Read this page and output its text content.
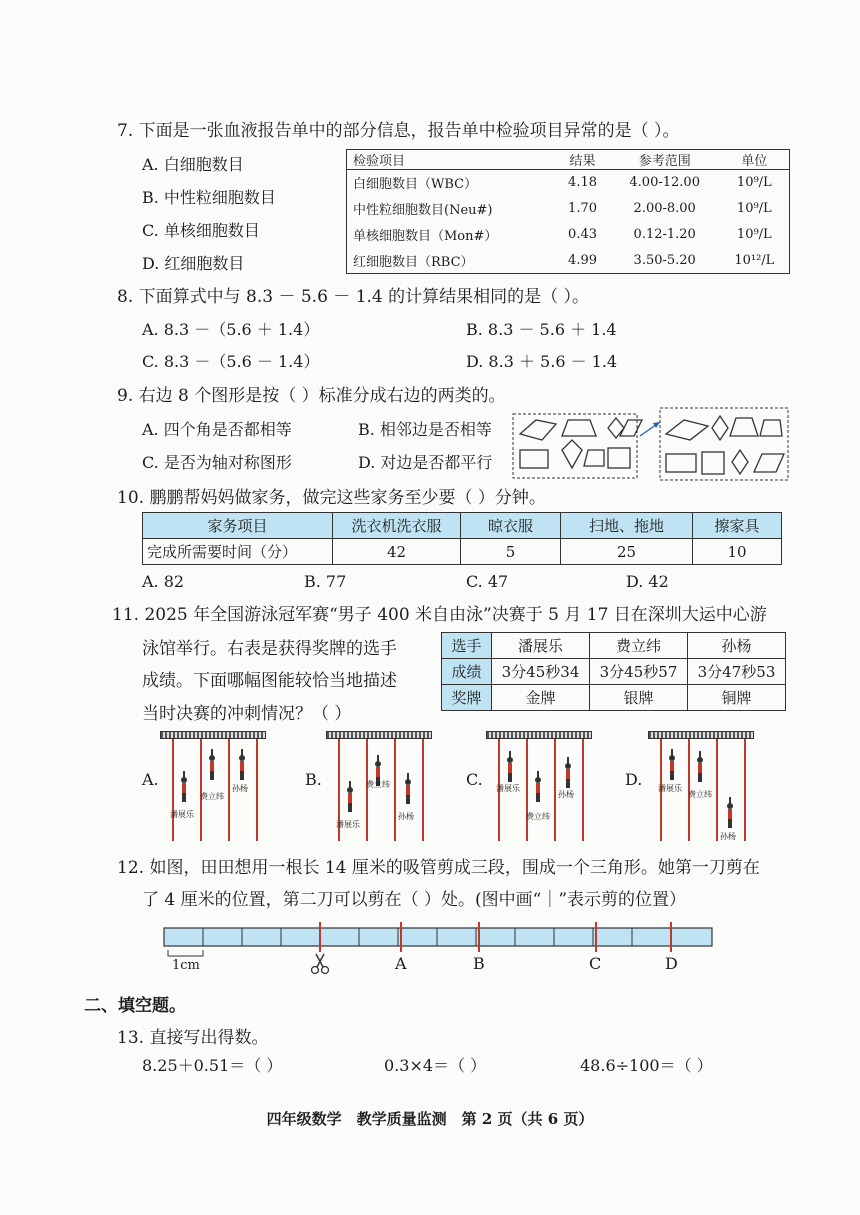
7. 下面是一张血液报告单中的部分信息，报告单中检验项目异常的是（ ）。
A. 白细胞数目
B. 中性粒细胞数目
C. 单核细胞数目
D. 红细胞数目
检验项目	结果	参考范围	单位
白细胞数目（WBC）	4.18	4.00-12.00	10⁹/L
中性粒细胞数目(Neu#)	1.70	2.00-8.00	10⁹/L
单核细胞数目（Mon#）	0.43	0.12-1.20	10⁹/L
红细胞数目（RBC）	4.99	3.50-5.20	10¹²/L
8. 下面算式中与 8.3 － 5.6 － 1.4 的计算结果相同的是（ ）。
A. 8.3 －（5.6 ＋ 1.4）	B. 8.3 － 5.6 ＋ 1.4
C. 8.3 －（5.6 － 1.4）	D. 8.3 ＋ 5.6 － 1.4
9. 右边 8 个图形是按（ ）标准分成右边的两类的。
A. 四个角是否都相等	B. 相邻边是否相等
C. 是否为轴对称图形	D. 对边是否都平行
10. 鹏鹏帮妈妈做家务，做完这些家务至少要（ ）分钟。
家务项目	洗衣机洗衣服	晾衣服	扫地、拖地	擦家具
完成所需要时间（分）	42	5	25	10
A. 82	B. 77	C. 47	D. 42
11. 2025 年全国游泳冠军赛“男子 400 米自由泳”决赛于 5 月 17 日在深圳大运中心游
泳馆举行。右表是获得奖牌的选手
成绩。下面哪幅图能较恰当地描述
当时决赛的冲刺情况？（ ）
选手	潘展乐	费立纬	孙杨
成绩	3分45秒34	3分45秒57	3分47秒53
奖牌	金牌	银牌	铜牌
A.
潘展乐
费立纬
孙杨	B.
潘展乐
费立纬
孙杨
C. 潘展乐
费立纬
孙杨
D. 潘展乐
费立纬
孙杨
12. 如图，田田想用一根长 14 厘米的吸管剪成三段，围成一个三角形。她第一刀剪在
了 4 厘米的位置，第二刀可以剪在（ ）处。(图中画“｜”表示剪的位置）
1cm	A	B	C	D
二、填空题。
13. 直接写出得数。
8.25＋0.51＝（ ）	0.3×4＝（ ）	48.6÷100＝（ ）
四年级数学　教学质量监测　第 2 页（共 6 页）
